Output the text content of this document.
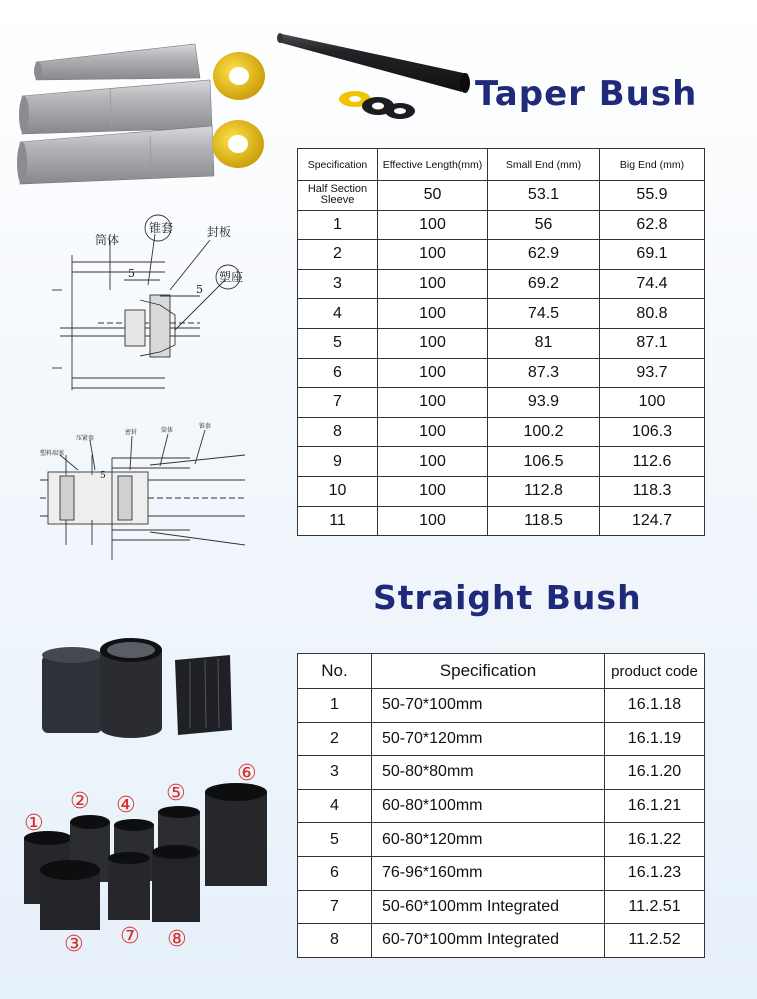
筒体
锥套	封板
塑座
5
5
塑料端塞
压紧套
密封	筒体
锥套
5
①
②
③
④ ⑤
⑥
⑦ ⑧
Taper Bush
Specification	Effective Length(mm)	Small End (mm)	Big End (mm)
Half Section Sleeve	50	53.1	55.9
1	100	56	62.8
2	100	62.9	69.1
3	100	69.2	74.4
4	100	74.5	80.8
5	100	81	87.1
6	100	87.3	93.7
7	100	93.9	100
8	100	100.2	106.3
9	100	106.5	112.6
10	100	112.8	118.3
11	100	118.5	124.7
Straight Bush
No.	Specification	product code
1	50-70*100mm	16.1.18
2	50-70*120mm	16.1.19
3	50-80*80mm	16.1.20
4	60-80*100mm	16.1.21
5	60-80*120mm	16.1.22
6	76-96*160mm	16.1.23
7	50-60*100mm Integrated	11.2.51
8	60-70*100mm Integrated	11.2.52
